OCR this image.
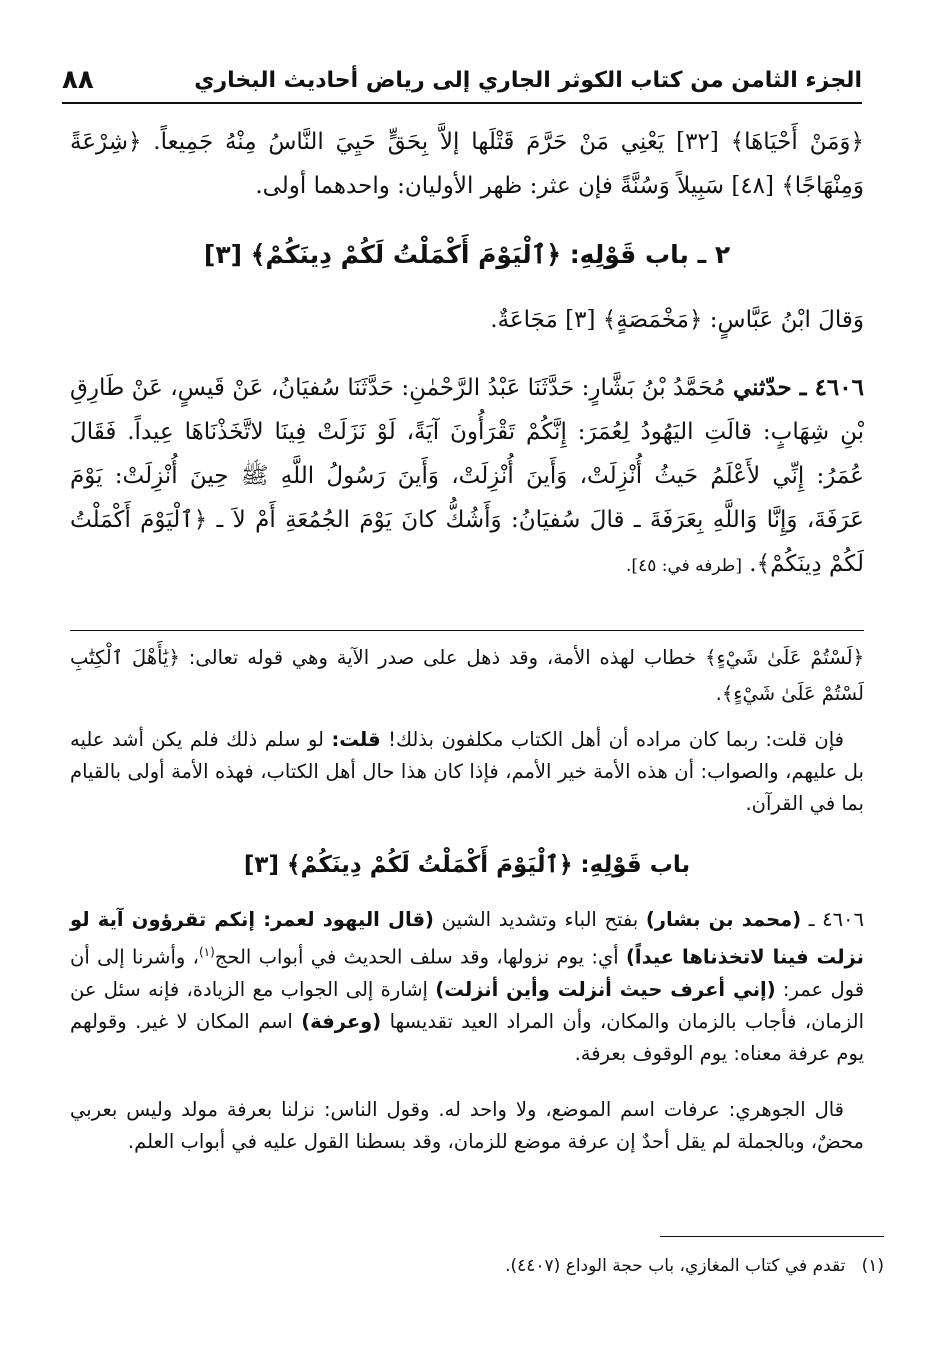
الجزء الثامن من كتاب الكوثر الجاري إلى رياض أحاديث البخاري
٨٨

﴿وَمَنْ أَحْيَاهَا﴾ [٣٢] يَعْنِي مَنْ حَرَّمَ قَتْلَها إلاَّ بِحَقٍّ حَيِيَ النَّاسُ مِنْهُ جَمِيعاً. ﴿شِرْعَةً وَمِنْهَاجًا﴾ [٤٨] سَبِيلاً وَسُنَّةً فإن عثر: ظهر الأوليان: واحدهما أولى.

٢ ـ باب قَوْلِهِ: ﴿ٱلْيَوْمَ أَكْمَلْتُ لَكُمْ دِينَكُمْ﴾ [٣]

وَقالَ ابْنُ عَبَّاسٍ: ﴿مَخْمَصَةٍ﴾ [٣] مَجَاعَةٌ.

٤٦٠٦ ـ حدّثني مُحَمَّدُ بْنُ بَشَّارٍ: حَدَّثَنَا عَبْدُ الرَّحْمٰنِ: حَدَّثَنَا سُفيَانُ، عَنْ قَيسٍ، عَنْ طَارِقِ بْنِ شِهَابٍ: قالَتِ اليَهُودُ لِعُمَرَ: إِنَّكُمْ تَقْرَأُونَ آيَةً، لَوْ نَزَلَتْ فِينَا لاتَّخَذْنَاهَا عِيداً. فَقَالَ عُمَرُ: إِنِّي لأَعْلَمُ حَيثُ أُنْزِلَتْ، وَأَينَ أُنْزِلَتْ، وَأَينَ رَسُولُ اللَّهِ ﷺ حِينَ أُنْزِلَتْ: يَوْمَ عَرَفَةَ، وَإِنَّا وَاللَّهِ بِعَرَفَةَ ـ قالَ سُفيَانُ: وَأَشُكُّ كانَ يَوْمَ الجُمُعَةِ أَمْ لاَ ـ ﴿ٱلْيَوْمَ أَكْمَلْتُ لَكُمْ دِينَكُمْ﴾. [طرفه في: ٤٥].

﴿لَسْتُمْ عَلَىٰ شَيْءٍ﴾ خطاب لهذه الأمة، وقد ذهل على صدر الآية وهي قوله تعالى: ﴿يَٰأَهْلَ ٱلْكِتَٰبِ لَسْتُمْ عَلَىٰ شَيْءٍ﴾.

فإن قلت: ربما كان مراده أن أهل الكتاب مكلفون بذلك! قلت: لو سلم ذلك فلم يكن أشد عليه بل عليهم، والصواب: أن هذه الأمة خير الأمم، فإذا كان هذا حال أهل الكتاب، فهذه الأمة أولى بالقيام بما في القرآن.

باب قَوْلِهِ: ﴿ٱلْيَوْمَ أَكْمَلْتُ لَكُمْ دِينَكُمْ﴾ [٣]

٤٦٠٦ ـ (محمد بن بشار) بفتح الباء وتشديد الشين (قال اليهود لعمر: إنكم تقرؤون آية لو نزلت فينا لاتخذناها عيداً) أي: يوم نزولها، وقد سلف الحديث في أبواب الحج$^{(١)}$، وأشرنا إلى أن قول عمر: (إني أعرف حيث أنزلت وأين أنزلت) إشارة إلى الجواب مع الزيادة، فإنه سئل عن الزمان، فأجاب بالزمان والمكان، وأن المراد العيد تقديسها (وعرفة) اسم المكان لا غير. وقولهم يوم عرفة معناه: يوم الوقوف بعرفة.

قال الجوهري: عرفات اسم الموضع، ولا واحد له. وقول الناس: نزلنا بعرفة مولد وليس بعربي محضٌ، وبالجملة لم يقل أحدٌ إن عرفة موضع للزمان، وقد بسطنا القول عليه في أبواب العلم.

(١)   تقدم في كتاب المغازي، باب حجة الوداع (٤٤٠٧).
